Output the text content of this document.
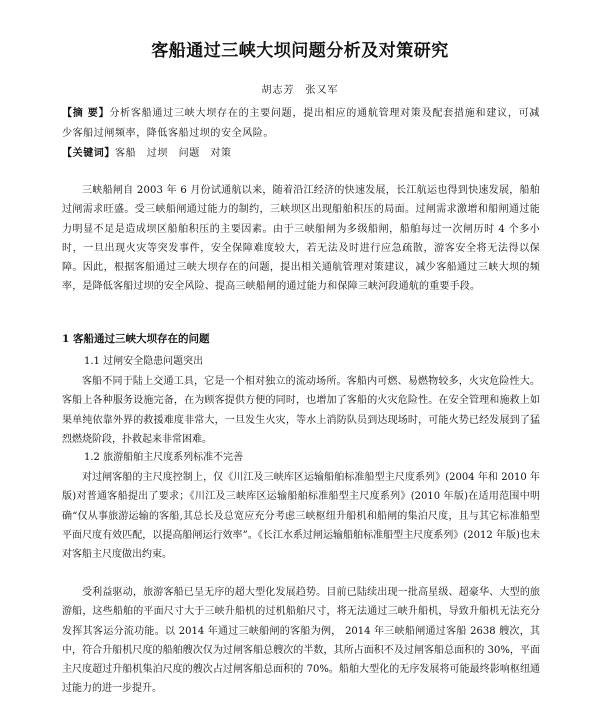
客船通过三峡大坝问题分析及对策研究
胡志芳　张又军
【摘 要】分析客船通过三峡大坝存在的主要问题，提出相应的通航管理对策及配套措施和建议，可减少客船过闸频率，降低客船过坝的安全风险。
【关键词】客船　过坝　问题　对策

三峡船闸自 2003 年 6 月份试通航以来，随着沿江经济的快速发展，长江航运也得到快速发展，船舶过闸需求旺盛。受三峡船闸通过能力的制约，三峡坝区出现船舶积压的局面。过闸需求激增和船闸通过能力明显不足是造成坝区船舶积压的主要因素。由于三峡船闸为多级船闸，船舶每过一次闸历时 4 个多小时，一旦出现火灾等突发事件，安全保障难度较大，若无法及时进行应急疏散，游客安全将无法得以保障。因此，根据客船通过三峡大坝存在的问题，提出相关通航管理对策建议，减少客船通过三峡大坝的频率，是降低客船过坝的安全风险、提高三峡船闸的通过能力和保障三峡河段通航的重要手段。

1 客船通过三峡大坝存在的问题
1.1 过闸安全隐患问题突出

客船不同于陆上交通工具，它是一个相对独立的流动场所。客船内可燃、易燃物较多，火灾危险性大。客船上各种服务设施完备，在为顾客提供方便的同时，也增加了客船的火灾危险性。在安全管理和施救上如果单纯依靠外界的救援难度非常大，一旦发生火灾，等水上消防队员到达现场时，可能火势已经发展到了猛烈燃烧阶段，扑救起来非常困难。

1.2 旅游船舶主尺度系列标准不完善

对过闸客船的主尺度控制上，仅《川江及三峡库区运输船舶标准船型主尺度系列》(2004 年和 2010 年版)对普通客船提出了要求；《川江及三峡库区运输船舶标准船型主尺度系列》(2010 年版)在适用范围中明确“仅从事旅游运输的客船,其总长及总宽应充分考虑三峡枢纽升船机和船闸的集泊尺度，且与其它标准船型平面尺度有效匹配，以提高船闸运行效率”。《长江水系过闸运输船舶标准船型主尺度系列》(2012 年版)也未对客船主尺度做出约束。

受利益驱动，旅游客船已呈无序的超大型化发展趋势。目前已陆续出现一批高星级、超豪华、大型的旅游船，这些船舶的平面尺寸大于三峡升船机的过机船舶尺寸，将无法通过三峡升船机，导致升船机无法充分发挥其客运分流功能。以 2014 年通过三峡船闸的客船为例， 2014 年三峡船闸通过客船 2638 艘次，其中，符合升船机尺度的船舶艘次仅为过闸客船总艘次的半数，其所占面积不及过闸客船总面积的 30%，平面主尺度超过升船机集泊尺度的艘次占过闸客船总面积的 70%。船舶大型化的无序发展将可能最终影响枢纽通过能力的进一步提升。
